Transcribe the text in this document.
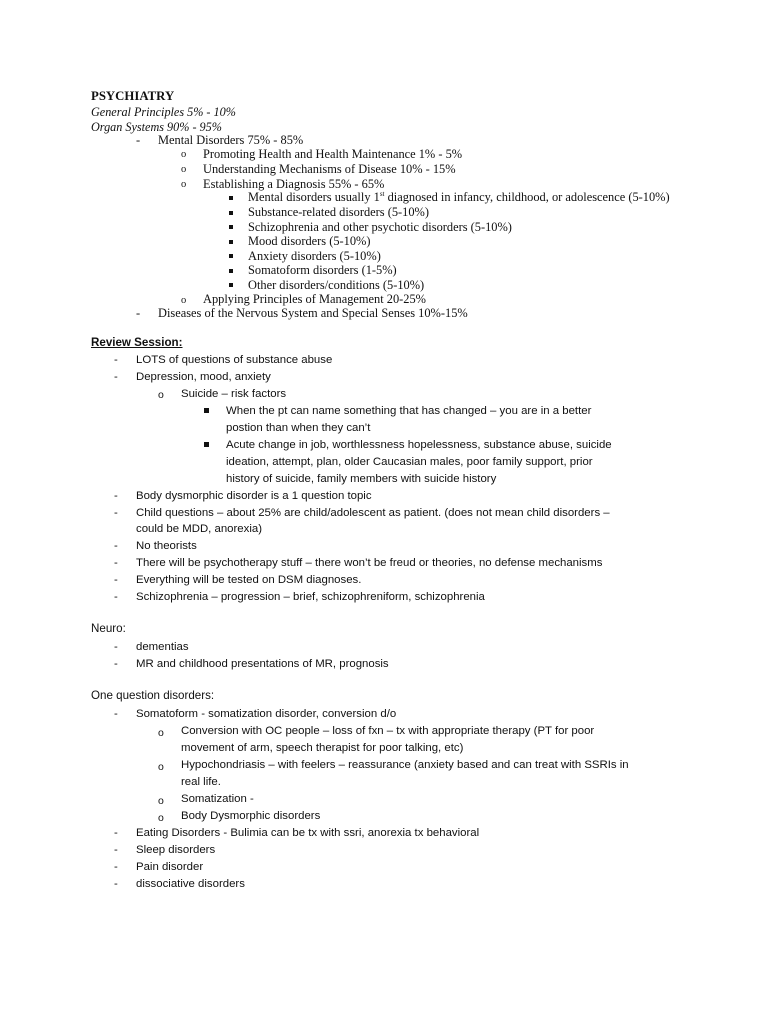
PSYCHIATRY
General Principles 5% - 10%
Organ Systems 90% - 95%
- Mental Disorders 75% - 85%
o Promoting Health and Health Maintenance 1% - 5%
o Understanding Mechanisms of Disease 10% - 15%
o Establishing a Diagnosis 55% - 65%
Mental disorders usually 1st diagnosed in infancy, childhood, or adolescence (5-10%)
Substance-related disorders (5-10%)
Schizophrenia and other psychotic disorders (5-10%)
Mood disorders (5-10%)
Anxiety disorders (5-10%)
Somatoform disorders (1-5%)
Other disorders/conditions (5-10%)
o Applying Principles of Management 20-25%
- Diseases of the Nervous System and Special Senses 10%-15%
Review Session:
- LOTS of questions of substance abuse
- Depression, mood, anxiety
o Suicide – risk factors
When the pt can name something that has changed – you are in a better
postion than when they can’t
Acute change in job, worthlessness hopelessness, substance abuse, suicide
ideation, attempt, plan, older Caucasian males, poor family support, prior
history of suicide, family members with suicide history
- Body dysmorphic disorder is a 1 question topic
- Child questions – about 25% are child/adolescent as patient. (does not mean child disorders –
could be MDD, anorexia)
- No theorists
- There will be psychotherapy stuff – there won’t be freud or theories, no defense mechanisms
- Everything will be tested on DSM diagnoses.
- Schizophrenia – progression – brief, schizophreniform, schizophrenia
Neuro:
- dementias
- MR and childhood presentations of MR, prognosis
One question disorders:
- Somatoform - somatization disorder, conversion d/o
o Conversion with OC people – loss of fxn – tx with appropriate therapy (PT for poor
movement of arm, speech therapist for poor talking, etc)
o Hypochondriasis – with feelers – reassurance (anxiety based and can treat with SSRIs in
real life.
o Somatization -
o Body Dysmorphic disorders
- Eating Disorders - Bulimia can be tx with ssri, anorexia tx behavioral
- Sleep disorders
- Pain disorder
- dissociative disorders
